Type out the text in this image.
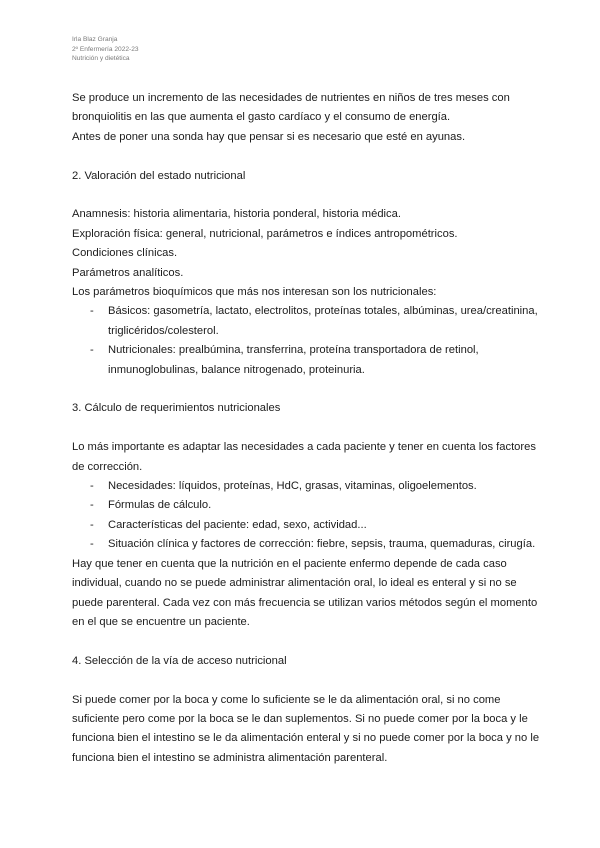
Irla Blaz Granja
2º Enfermería 2022-23
Nutrición y dietética

Se produce un incremento de las necesidades de nutrientes en niños de tres meses con bronquiolitis en las que aumenta el gasto cardíaco y el consumo de energía.

Antes de poner una sonda hay que pensar si es necesario que esté en ayunas.

2. Valoración del estado nutricional

Anamnesis: historia alimentaria, historia ponderal, historia médica.

Exploración física: general, nutricional, parámetros e índices antropométricos.

Condiciones clínicas.

Parámetros analíticos.

Los parámetros bioquímicos que más nos interesan son los nutricionales:

- Básicos: gasometría, lactato, electrolitos, proteínas totales, albúminas, urea/creatinina, triglicéridos/colesterol.
- Nutricionales: prealbúmina, transferrina, proteína transportadora de retinol, inmunoglobulinas, balance nitrogenado, proteinuria.

3. Cálculo de requerimientos nutricionales

Lo más importante es adaptar las necesidades a cada paciente y tener en cuenta los factores de corrección.

- Necesidades: líquidos, proteínas, HdC, grasas, vitaminas, oligoelementos.
- Fórmulas de cálculo.
- Características del paciente: edad, sexo, actividad...
- Situación clínica y factores de corrección: fiebre, sepsis, trauma, quemaduras, cirugía.

Hay que tener en cuenta que la nutrición en el paciente enfermo depende de cada caso individual, cuando no se puede administrar alimentación oral, lo ideal es enteral y si no se puede parenteral. Cada vez con más frecuencia se utilizan varios métodos según el momento en el que se encuentre un paciente.

4. Selección de la vía de acceso nutricional

Si puede comer por la boca y come lo suficiente se le da alimentación oral, si no come suficiente pero come por la boca se le dan suplementos. Si no puede comer por la boca y le funciona bien el intestino se le da alimentación enteral y si no puede comer por la boca y no le funciona bien el intestino se administra alimentación parenteral.
